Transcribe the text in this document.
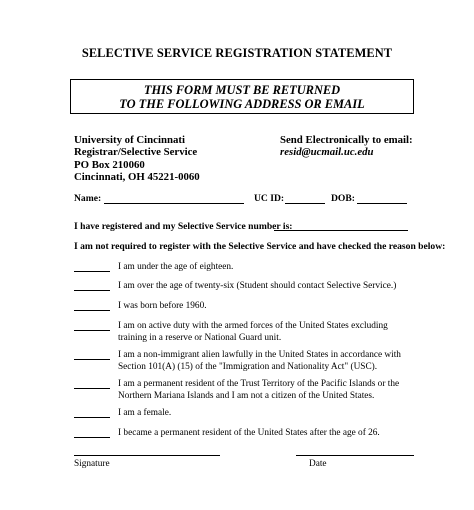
SELECTIVE SERVICE REGISTRATION STATEMENT
THIS FORM MUST BE RETURNED
TO THE FOLLOWING ADDRESS OR EMAIL
University of Cincinnati
Registrar/Selective Service
PO Box 210060
Cincinnati, OH 45221-0060
Send Electronically to email:
resid@ucmail.uc.edu
Name:	UC ID:	DOB:
I have registered and my Selective Service number is:
I am not required to register with the Selective Service and have checked the reason below:
I am under the age of eighteen.
I am over the age of twenty-six (Student should contact Selective Service.)
I was born before 1960.
I am on active duty with the armed forces of the United States excluding training in a reserve or National Guard unit.
I am a non-immigrant alien lawfully in the United States in accordance with Section 101(A) (15) of the "Immigration and Nationality Act" (USC).
I am a permanent resident of the Trust Territory of the Pacific Islands or the Northern Mariana Islands and I am not a citizen of the United States.
I am a female.
I became a permanent resident of the United States after the age of 26.
Signature	Date
